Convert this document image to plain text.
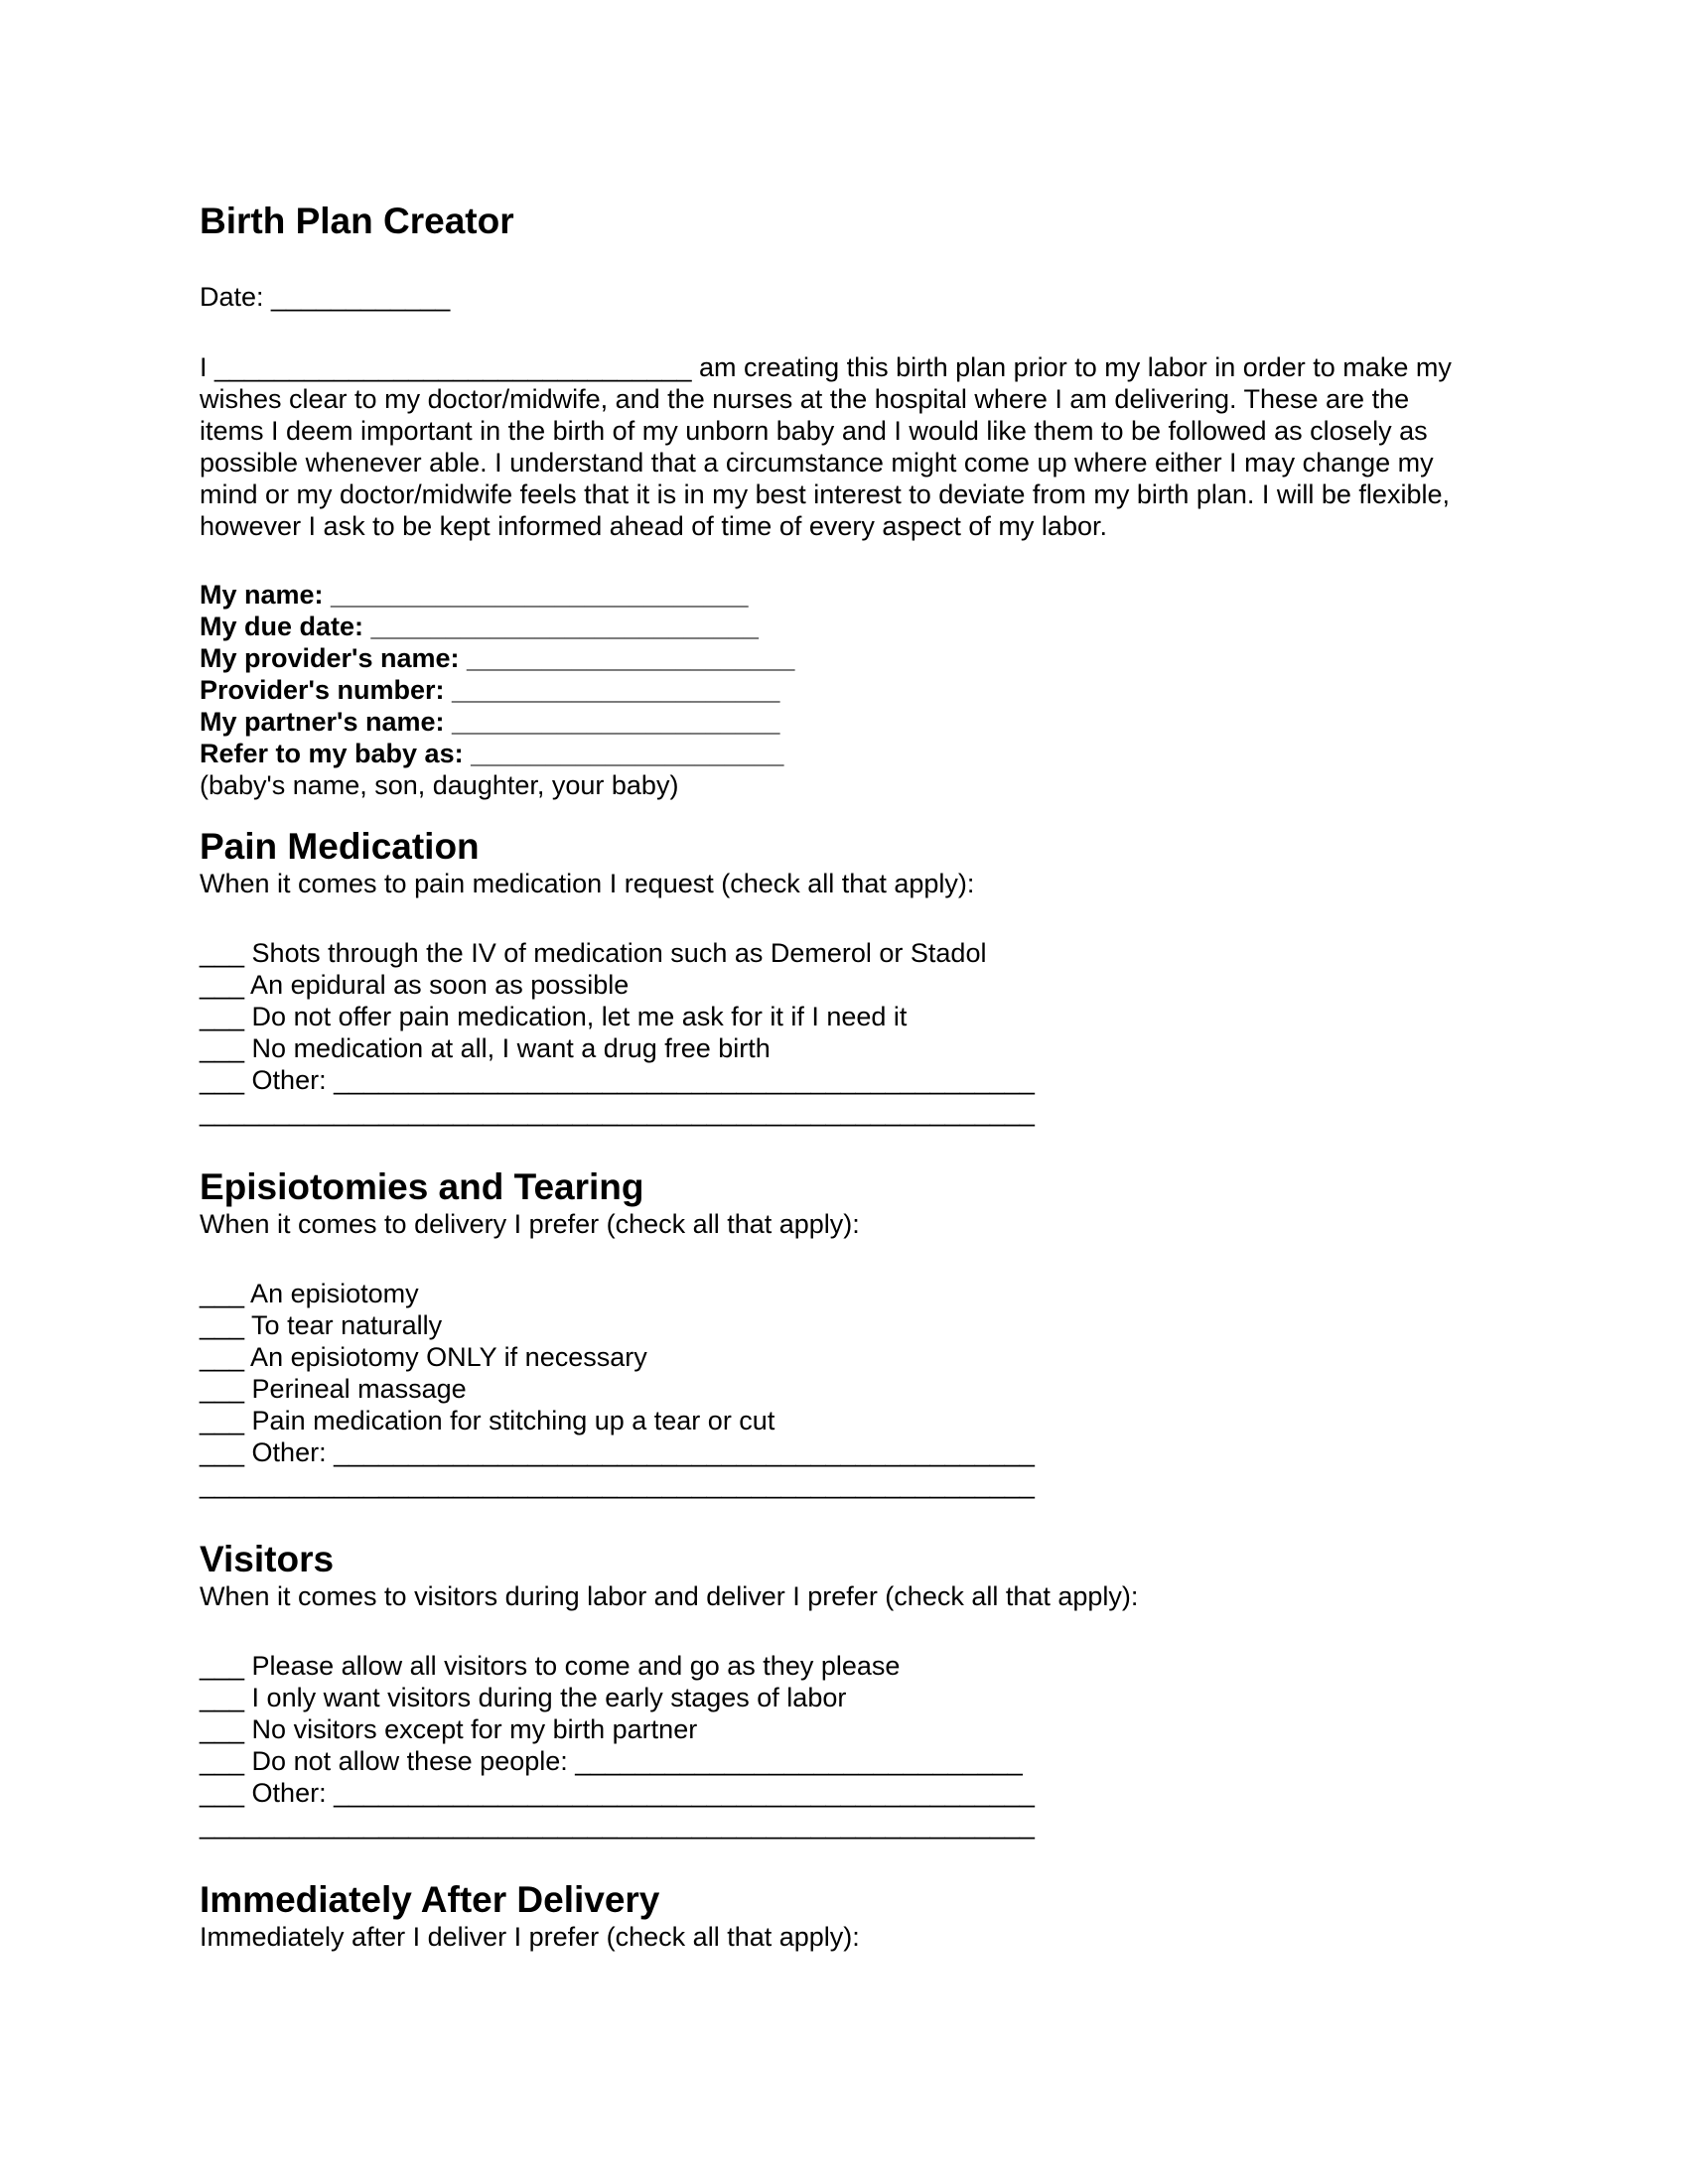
Birth Plan Creator
Date: ____________
I ________________________________ am creating this birth plan prior to my labor in order to make my
wishes clear to my doctor/midwife, and the nurses at the hospital where I am delivering. These are the
items I deem important in the birth of my unborn baby and I would like them to be followed as closely as
possible whenever able. I understand that a circumstance might come up where either I may change my
mind or my doctor/midwife feels that it is in my best interest to deviate from my birth plan. I will be flexible,
however I ask to be kept informed ahead of time of every aspect of my labor.
My name: ____________________________
My due date: __________________________
My provider's name: ______________________
Provider's number: ______________________
My partner's name: ______________________
Refer to my baby as: _____________________
(baby's name, son, daughter, your baby)
Pain Medication
When it comes to pain medication I request (check all that apply):
___ Shots through the IV of medication such as Demerol or Stadol
___ An epidural as soon as possible
___ Do not offer pain medication, let me ask for it if I need it
___ No medication at all, I want a drug free birth
___ Other: _______________________________________________
________________________________________________________
Episiotomies and Tearing
When it comes to delivery I prefer (check all that apply):
___ An episiotomy
___ To tear naturally
___ An episiotomy ONLY if necessary
___ Perineal massage
___ Pain medication for stitching up a tear or cut
___ Other: _______________________________________________
________________________________________________________
Visitors
When it comes to visitors during labor and deliver I prefer (check all that apply):
___ Please allow all visitors to come and go as they please
___ I only want visitors during the early stages of labor
___ No visitors except for my birth partner
___ Do not allow these people: ______________________________
___ Other: _______________________________________________
________________________________________________________
Immediately After Delivery
Immediately after I deliver I prefer (check all that apply):
